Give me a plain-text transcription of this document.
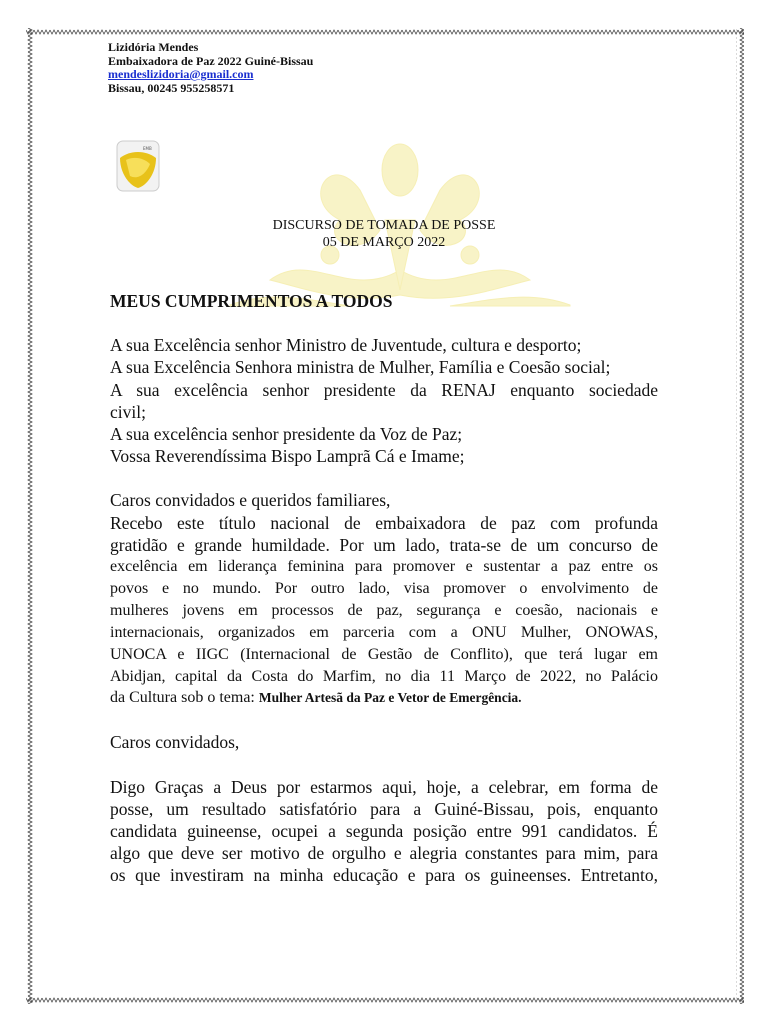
Lizidória Mendes
Embaixadora de Paz 2022 Guiné-Bissau
mendeslizidoria@gmail.com
Bissau, 00245 955258571
EMB
DISCURSO DE TOMADA DE POSSE
05 DE MARÇO 2022

MEUS CUMPRIMENTOS A TODOS

A sua Excelência senhor Ministro de Juventude, cultura e desporto;
A sua Excelência Senhora ministra de Mulher, Família e Coesão social;
A sua excelência senhor presidente da RENAJ enquanto sociedade
civil;
A sua excelência senhor presidente da Voz de Paz;
Vossa Reverendíssima Bispo Lamprã Cá e Imame;

Caros convidados e queridos familiares,

Recebo este título nacional de embaixadora de paz com profunda
gratidão e grande humildade. Por um lado, trata-se de um concurso de
excelência em liderança feminina para promover e sustentar a paz entre os
povos e no mundo. Por outro lado, visa promover o envolvimento de
mulheres jovens em processos de paz, segurança e coesão, nacionais e
internacionais, organizados em parceria com a ONU Mulher, ONOWAS,
UNOCA e IIGC (Internacional de Gestão de Conflito), que terá lugar em
Abidjan, capital da Costa do Marfim, no dia 11 Março de 2022, no Palácio
da Cultura sob o tema: Mulher Artesã da Paz e Vetor de Emergência.

Caros convidados,

Digo Graças a Deus por estarmos aqui, hoje, a celebrar, em forma de
posse, um resultado satisfatório para a Guiné-Bissau, pois, enquanto
candidata guineense, ocupei a segunda posição entre 991 candidatos. É
algo que deve ser motivo de orgulho e alegria constantes para mim, para
os que investiram na minha educação e para os guineenses. Entretanto,
